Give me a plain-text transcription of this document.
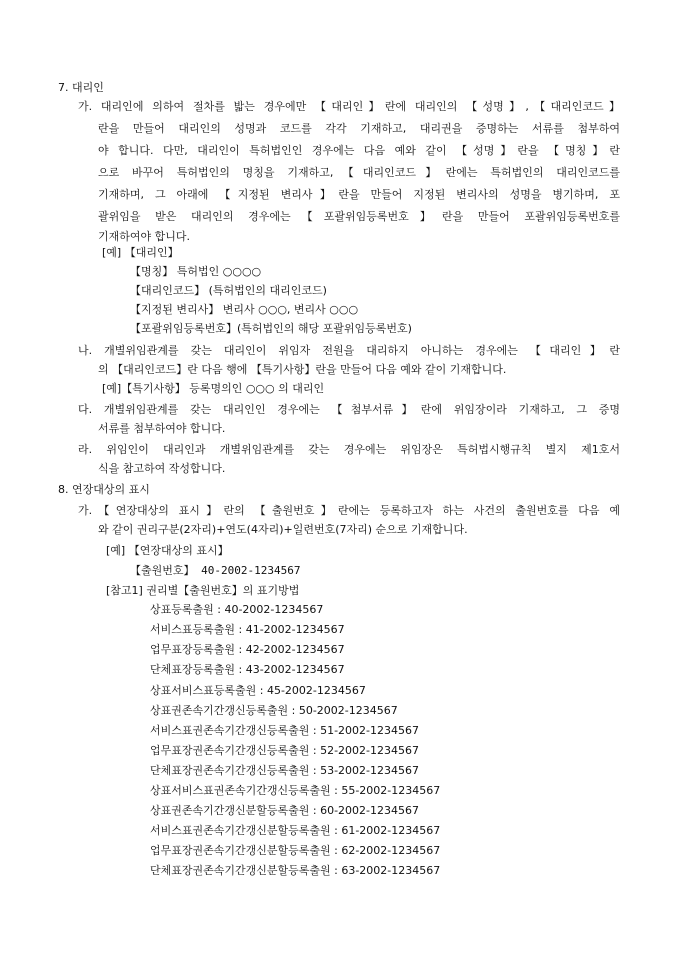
7. 대리인
가. 대리인에 의하여 절차를 밟는 경우에만 【대리인】란에 대리인의 【성명】,【대리인코드】
란을 만들어 대리인의 성명과 코드를 각각 기재하고, 대리권을 증명하는 서류를 첨부하여
야 합니다. 다만, 대리인이 특허법인인 경우에는 다음 예와 같이 【성명】란을 【명칭】란
으로 바꾸어 특허법인의 명칭을 기재하고,【대리인코드】란에는 특허법인의 대리인코드를
기재하며, 그 아래에 【지정된 변리사】란을 만들어 지정된 변리사의 성명을 병기하며, 포
괄위임을 받은 대리인의 경우에는【포괄위임등록번호】란을 만들어 포괄위임등록번호를
기재하여야 합니다.
[예] 【대리인】
【명칭】 특허법인 ○○○○
【대리인코드】 (특허법인의 대리인코드)
【지정된 변리사】 변리사 ○○○, 변리사 ○○○
【포괄위임등록번호】(특허법인의 해당 포괄위임등록번호)
나. 개별위임관계를 갖는 대리인이 위임자 전원을 대리하지 아니하는 경우에는 【대리인】란
의 【대리인코드】란 다음 행에 【특기사항】란을 만들어 다음 예와 같이 기재합니다.
[예]【특기사항】 등록명의인 ○○○ 의 대리인
다. 개별위임관계를 갖는 대리인인 경우에는 【첨부서류】란에 위임장이라 기재하고, 그 증명
서류를 첨부하여야 합니다.
라. 위임인이 대리인과 개별위임관계를 갖는 경우에는 위임장은 특허법시행규칙 별지 제1호서
식을 참고하여 작성합니다.
8. 연장대상의 표시
가.【연장대상의 표시】란의 【출원번호】란에는 등록하고자 하는 사건의 출원번호를 다음 예
와 같이 권리구분(2자리)+연도(4자리)+일련번호(7자리) 순으로 기재합니다.
[예] 【연장대상의 표시】
【출원번호】 40-2002-1234567
[참고1] 권리별【출원번호】의 표기방법
상표등록출원 : 40-2002-1234567
서비스표등록출원 : 41-2002-1234567
업무표장등록출원 : 42-2002-1234567
단체표장등록출원 : 43-2002-1234567
상표서비스표등록출원 : 45-2002-1234567
상표권존속기간갱신등록출원 : 50-2002-1234567
서비스표권존속기간갱신등록출원 : 51-2002-1234567
업무표장권존속기간갱신등록출원 : 52-2002-1234567
단체표장권존속기간갱신등록출원 : 53-2002-1234567
상표서비스표권존속기간갱신등록출원 : 55-2002-1234567
상표권존속기간갱신분할등록출원 : 60-2002-1234567
서비스표권존속기간갱신분할등록출원 : 61-2002-1234567
업무표장권존속기간갱신분할등록출원 : 62-2002-1234567
단체표장권존속기간갱신분할등록출원 : 63-2002-1234567
